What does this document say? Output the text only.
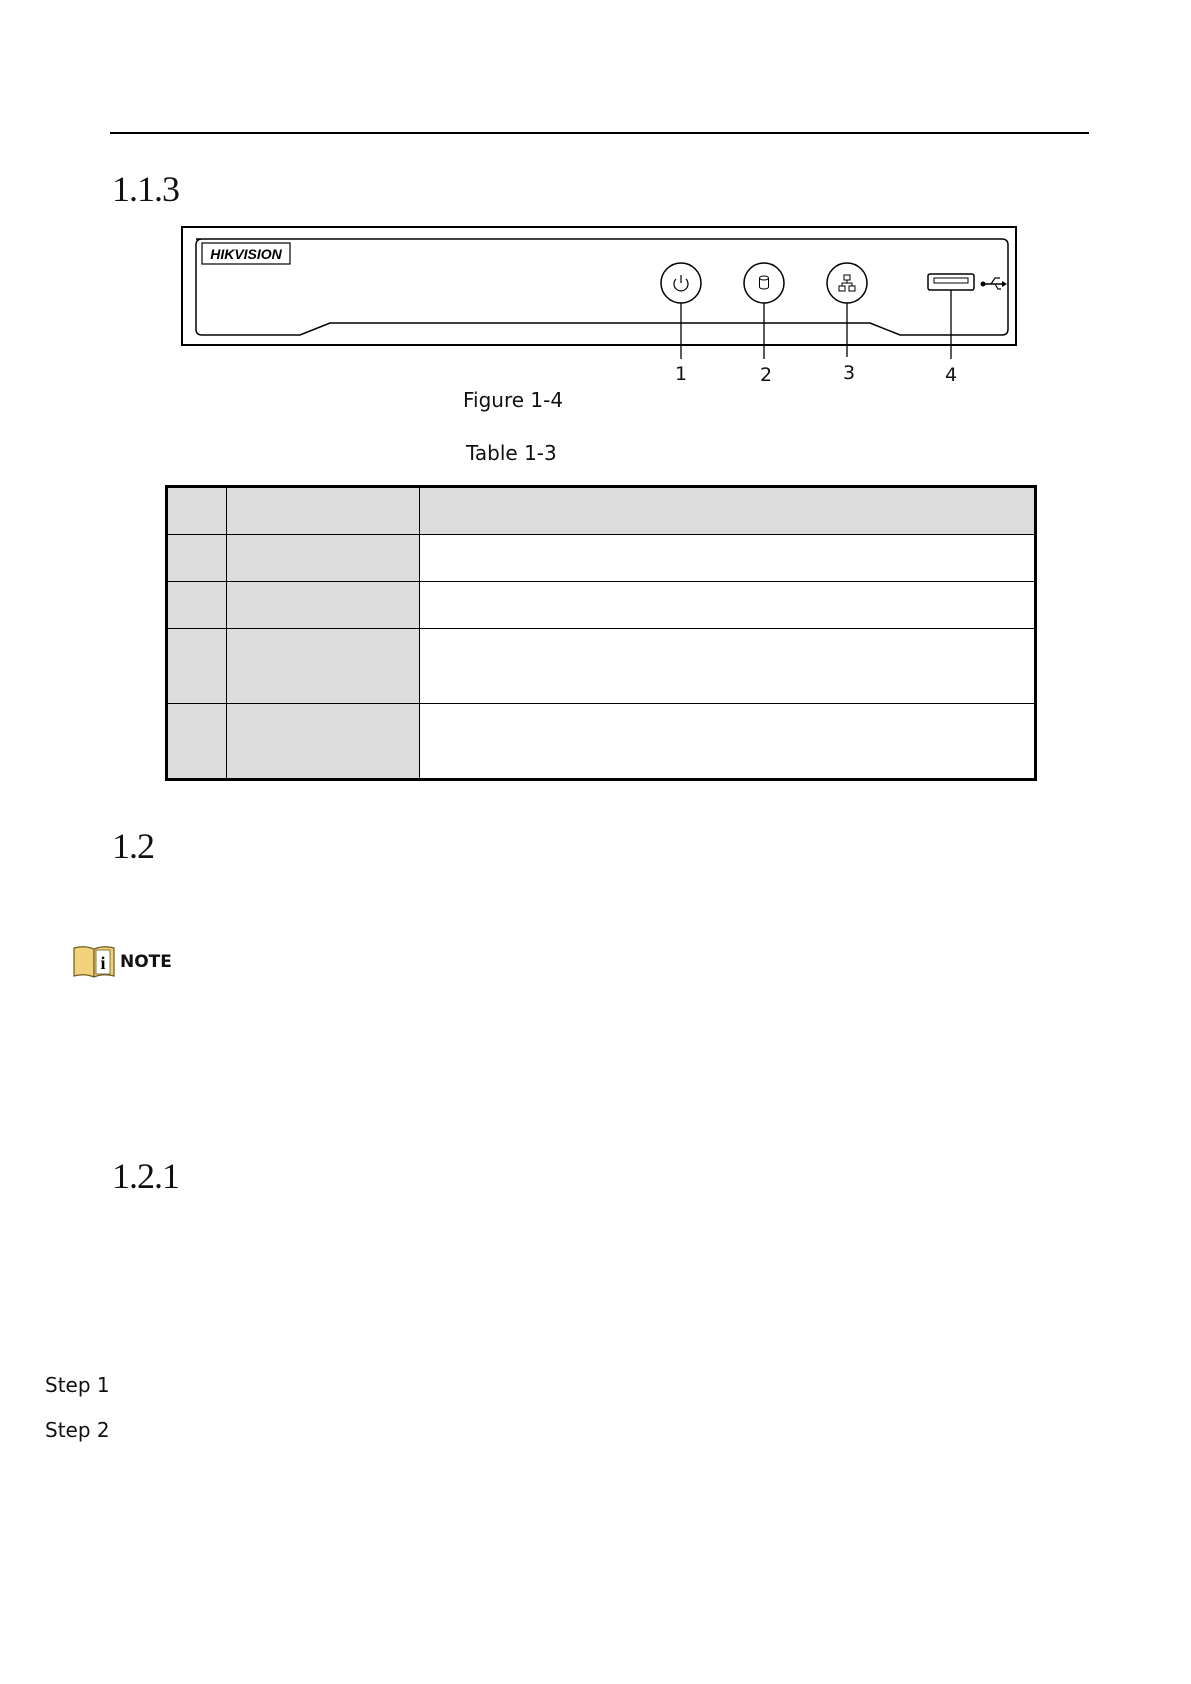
1.1.3
HIKVISION
1	2	3	4
Figure 1-4
Table 1-3

1.2
i NOTE
1.2.1
Step 1
Step 2
